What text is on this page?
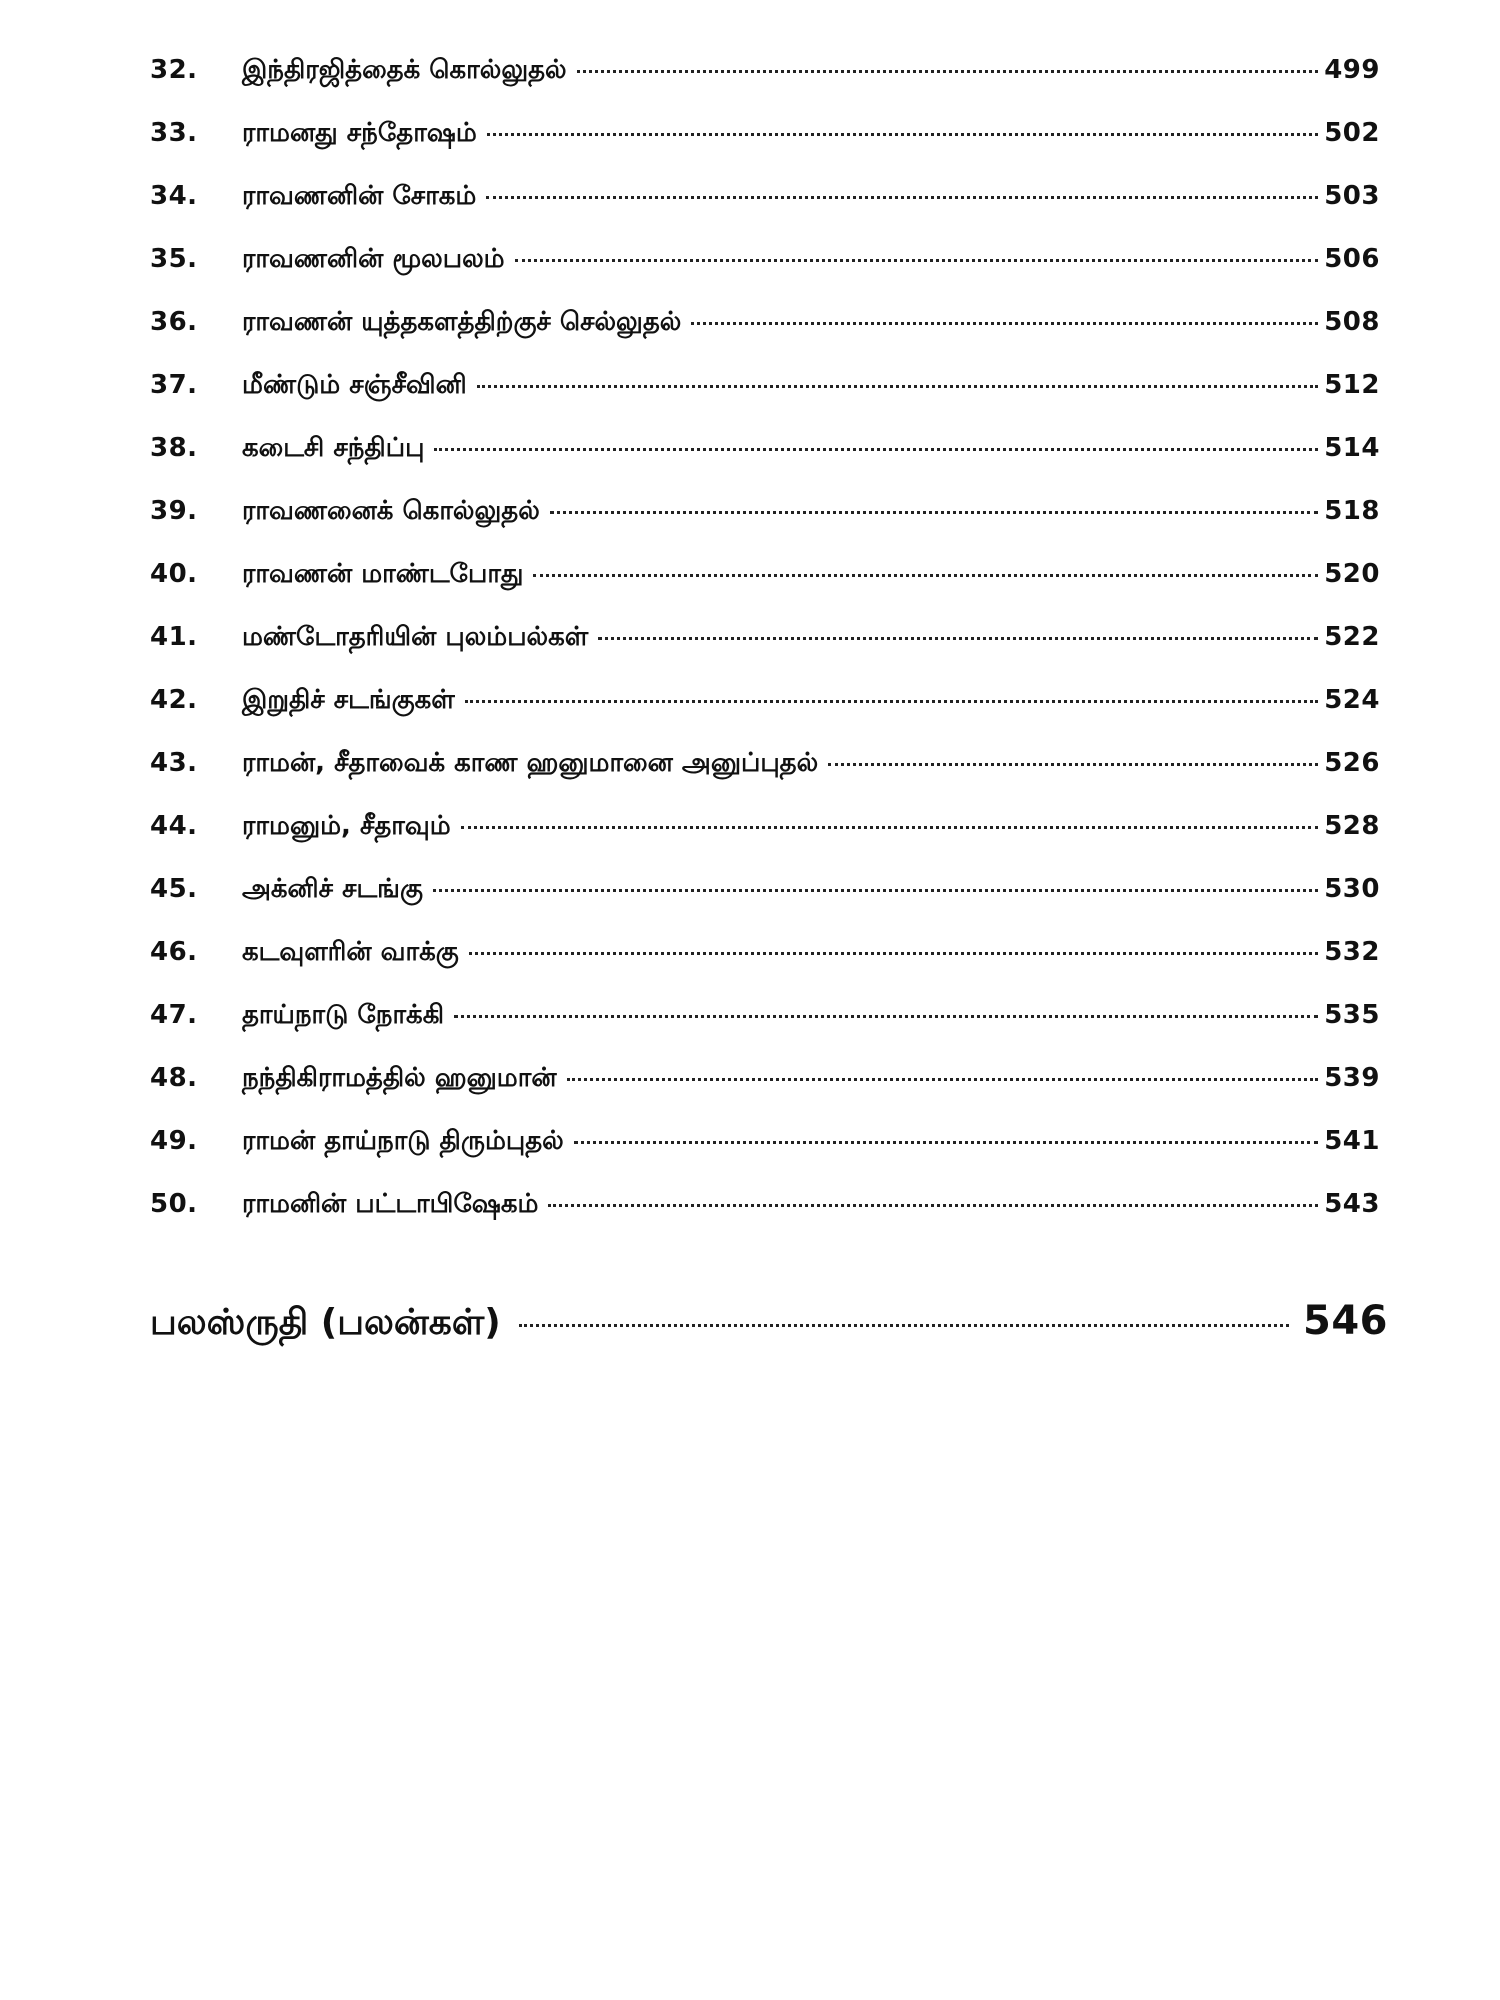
32.	இந்திரஜித்தைக் கொல்லுதல்	499
33.	ராமனது சந்தோஷம்	502
34.	ராவணனின் சோகம்	503
35.	ராவணனின் மூலபலம்	506
36.	ராவணன் யுத்தகளத்திற்குச் செல்லுதல்	508
37.	மீண்டும் சஞ்சீவினி	512
38.	கடைசி சந்திப்பு	514
39.	ராவணனைக் கொல்லுதல்	518
40.	ராவணன் மாண்டபோது	520
41.	மண்டோதரியின் புலம்பல்கள்	522
42.	இறுதிச் சடங்குகள்	524
43.	ராமன், சீதாவைக் காண ஹனுமானை அனுப்புதல்	526
44.	ராமனும், சீதாவும்	528
45.	அக்னிச் சடங்கு	530
46.	கடவுளரின் வாக்கு	532
47.	தாய்நாடு நோக்கி	535
48.	நந்திகிராமத்தில் ஹனுமான்	539
49.	ராமன் தாய்நாடு திரும்புதல்	541
50.	ராமனின் பட்டாபிஷேகம்	543
பலஸ்ருதி (பலன்கள்)	546
